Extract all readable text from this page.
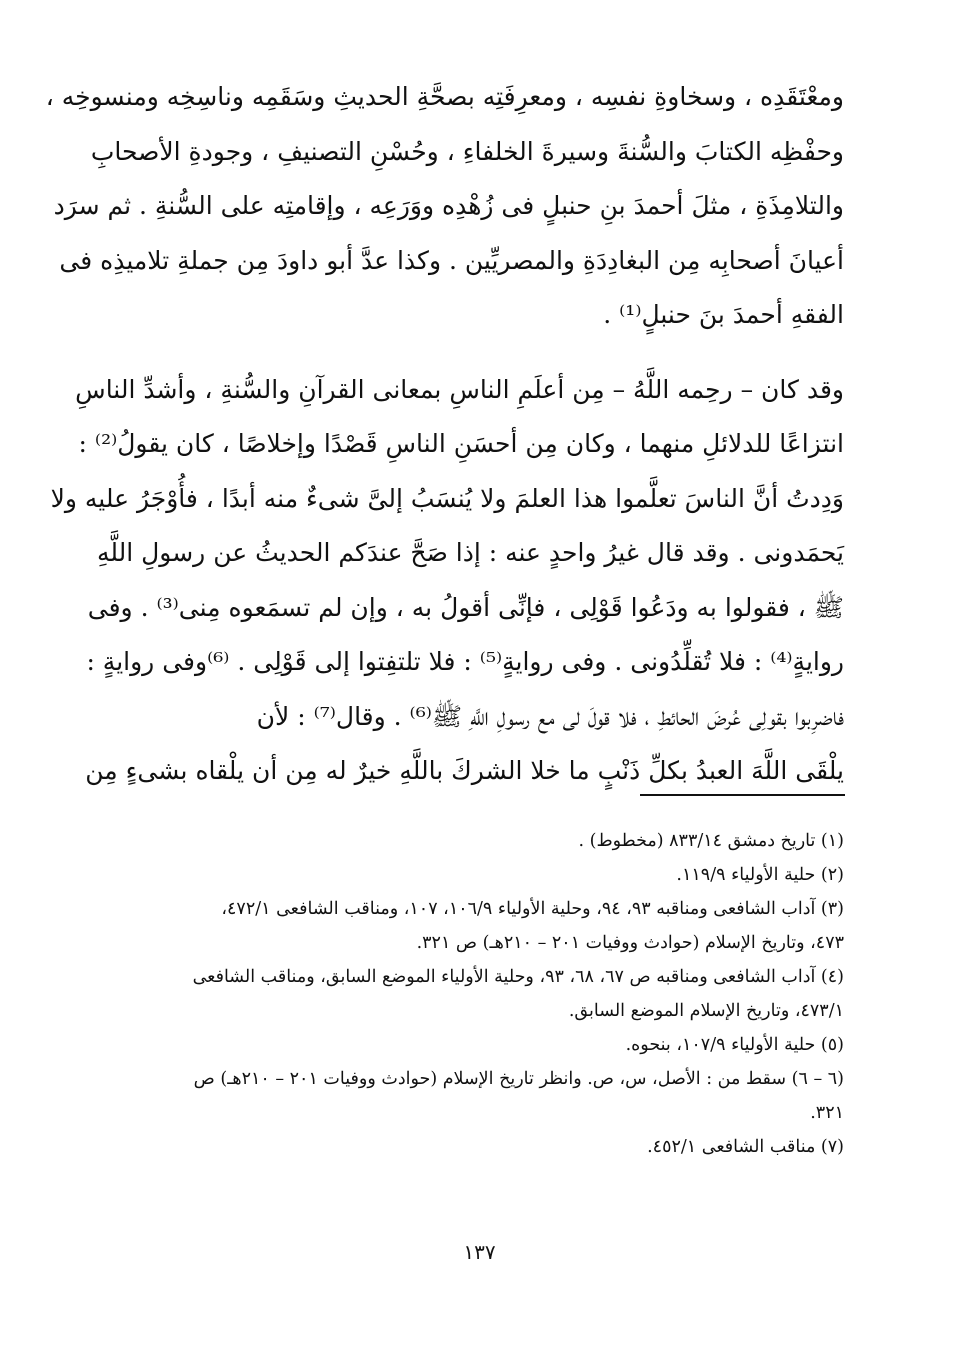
ومعْتَقَدِه ، وسخاوةِ نفسِه ، ومعرِفَتِه بصحَّةِ الحديثِ وسَقَمِه وناسِخِه ومنسوخِه ،
وحفْظِه الكتابَ والسُّنةَ وسيرةَ الخلفاءِ ، وحُسْنِ التصنيفِ ، وجودةِ الأصحابِ
والتلامِذَةِ ، مثلَ أحمدَ بنِ حنبلٍ فى زُهْدِه ووَرَعِه ، وإقامتِه على السُّنةِ . ثم سرَد
أعيانَ أصحابِه مِن البغادِدَةِ والمصريِّين . وكذا عدَّ أبو داودَ مِن جملةِ تلاميذِه فى
الفقهِ أحمدَ بنَ حنبلٍ⁽¹⁾ .
وقد كان – رحِمه اللَّهُ – مِن أعلَمِ الناسِ بمعانى القرآنِ والسُّنةِ ، وأشدِّ الناسِ
انتزاعًا للدلائلِ منهما ، وكان مِن أحسَنِ الناسِ قَصْدًا وإخلاصًا ، كان يقولُ⁽²⁾ :
وَدِدتُ أنَّ الناسَ تعلَّموا هذا العلمَ ولا يُنسَبُ إلىَّ شىءٌ منه أبدًا ، فأُوْجَرُ عليه ولا
يَحمَدونى . وقد قال غيرُ واحدٍ عنه : إذا صَحَّ عندَكم الحديثُ عن رسولِ اللَّهِ
ﷺ ، فقولوا به ودَعُوا قَوْلِى ، فإنِّى أقولُ به ، وإن لم تسمَعوه مِنى⁽³⁾ . وفى
روايةٍ⁽⁴⁾ : فلا تُقلِّدُونى . وفى روايةٍ⁽⁵⁾ : فلا تلتفِتوا إلى قَوْلِى . ⁽⁶⁾وفى روايةٍ :
فاضرِبوا بقولِى عُرضَ الحائطِ ، فلا قولَ لى مع رسولِ اللَّهِ ﷺ⁽⁶⁾ . وقال⁽⁷⁾ : لأن
يلْقَى اللَّهَ العبدُ بكلِّ ذَنْبٍ ما خلا الشركَ باللَّهِ خيرٌ له مِن أن يلْقاه بشىءٍ مِن
(١) تاريخ دمشق ٨٣٣/١٤ (مخطوط) .
(٢) حلية الأولياء ١١٩/٩.
(٣) آداب الشافعى ومناقبه ٩٣، ٩٤، وحلية الأولياء ١٠٦/٩، ١٠٧، ومناقب الشافعى ٤٧٢/١،
٤٧٣، وتاريخ الإسلام (حوادث ووفيات ٢٠١ – ٢١٠هـ) ص ٣٢١.
(٤) آداب الشافعى ومناقبه ص ٦٧، ٦٨، ٩٣، وحلية الأولياء الموضع السابق، ومناقب الشافعى
٤٧٣/١، وتاريخ الإسلام الموضع السابق.
(٥) حلية الأولياء ١٠٧/٩، بنحوه.
(٦ – ٦) سقط من : الأصل، س، ص. وانظر تاريخ الإسلام (حوادث ووفيات ٢٠١ – ٢١٠هـ) ص
٣٢١.
(٧) مناقب الشافعى ٤٥٢/١.
١٣٧
